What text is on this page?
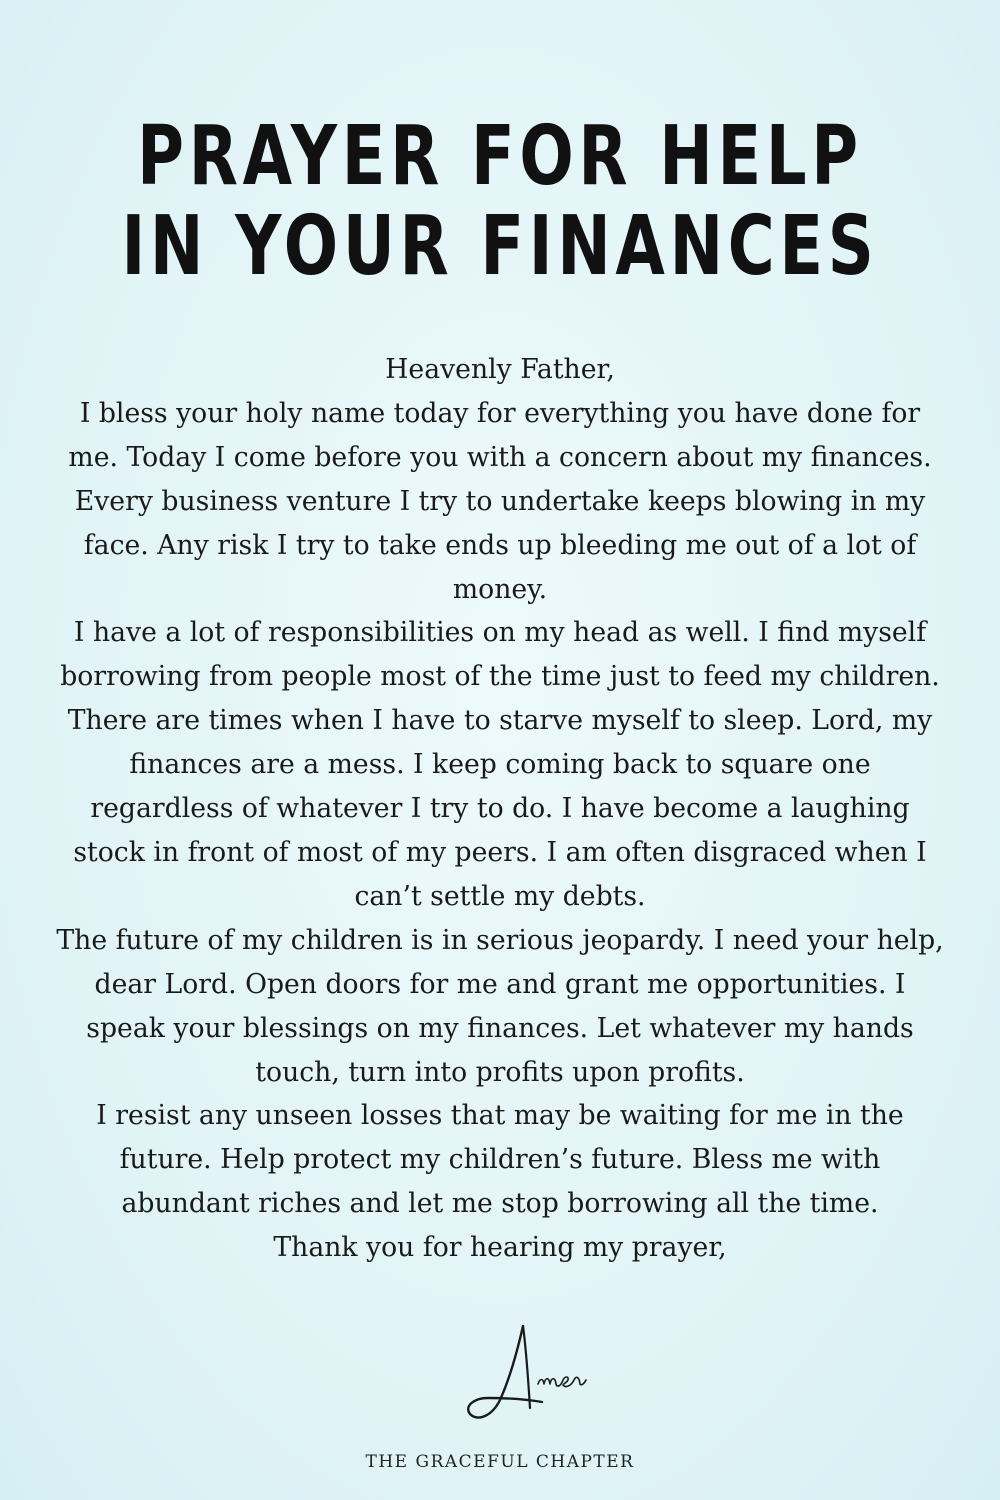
PRAYER FOR HELP
IN YOUR FINANCES

Heavenly Father,

I bless your holy name today for everything you have done for me. Today I come before you with a concern about my finances.

Every business venture I try to undertake keeps blowing in my face. Any risk I try to take ends up bleeding me out of a lot of money.

I have a lot of responsibilities on my head as well. I find myself borrowing from people most of the time just to feed my children. There are times when I have to starve myself to sleep. Lord, my finances are a mess. I keep coming back to square one regardless of whatever I try to do. I have become a laughing stock in front of most of my peers. I am often disgraced when I can’t settle my debts.

The future of my children is in serious jeopardy. I need your help, dear Lord. Open doors for me and grant me opportunities. I speak your blessings on my finances. Let whatever my hands touch, turn into profits upon profits.

I resist any unseen losses that may be waiting for me in the future. Help protect my children’s future. Bless me with abundant riches and let me stop borrowing all the time.

Thank you for hearing my prayer,

THE GRACEFUL CHAPTER
